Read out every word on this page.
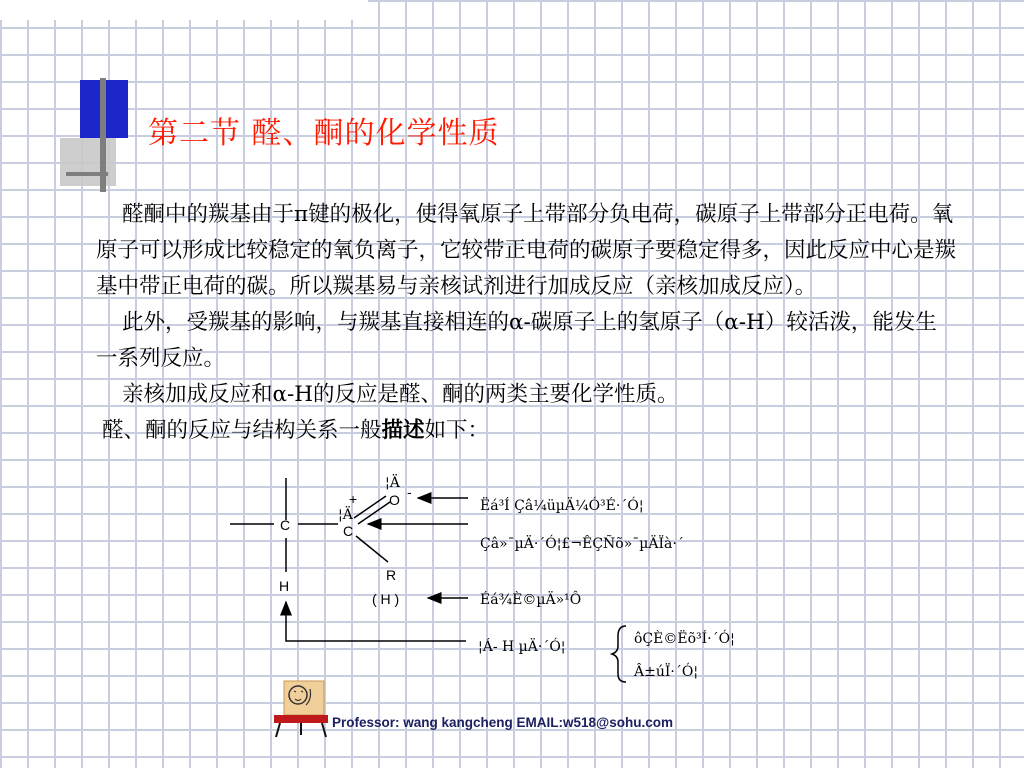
第二节 醛、酮的化学性质

醛酮中的羰基由于π键的极化，使得氧原子上带部分负电荷，碳原子上带部分正电荷。氧原子可以形成比较稳定的氧负离子，它较带正电荷的碳原子要稳定得多，因此反应中心是羰基中带正电荷的碳。所以羰基易与亲核试剂进行加成反应（亲核加成反应）。

此外，受羰基的影响，与羰基直接相连的α-碳原子上的氢原子（α-H）较活泼，能发生一系列反应。

亲核加成反应和α-H的反应是醛、酮的两类主要化学性质。

醛、酮的反应与结构关系一般描述如下：

C	C
O
H
R
( H )
¦Ä
-
¦Ä
+	Ëá³Í Çâ¼üµÄ¼Ó³É·´Ó¦
Çâ»¯µÄ·´Ó¦£¬ÊÇÑõ»¯µÄÏà·´
Éá¾È©µÄ»¹Ô
¦Á- H µÄ·´Ó¦	ôÇÈ©Ëõ³Í·´Ó¦
Â±úÏ·´Ó¦
Professor: wang kangcheng EMAIL:w518@sohu.com
